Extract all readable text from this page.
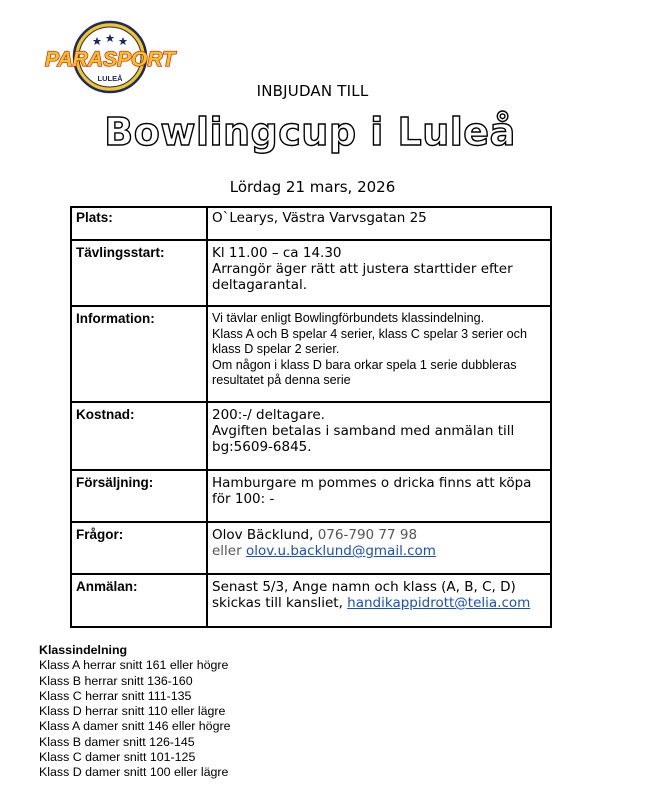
PARASPORT
LULEÅ
INBJUDAN TILL
Bowlingcup i Luleå
Lördag 21 mars, 2026
Plats:	O`Learys, Västra Varvsgatan 25
Tävlingsstart:	Kl 11.00 – ca 14.30
Arrangör äger rätt att justera starttider efter deltagarantal.

Information:	Vi tävlar enligt Bowlingförbundets klassindelning.
Klass A och B spelar 4 serier, klass C spelar 3 serier och klass D spelar 2 serier.
Om någon i klass D bara orkar spela 1 serie dubbleras resultatet på denna serie

Kostnad:	200:-/ deltagare.
Avgiften betalas i samband med anmälan till bg:5609-6845.

Försäljning:	Hamburgare m pommes o dricka finns att köpa för 100: -
Frågor:	Olov Bäcklund, 076-790 77 98
eller olov.u.backlund@gmail.com

Anmälan:	Senast 5/3, Ange namn och klass (A, B, C, D)
skickas till kansliet, handikappidrott@telia.com
Klassindelning
Klass A herrar snitt 161 eller högre
Klass B herrar snitt 136-160
Klass C herrar snitt 111-135
Klass D herrar snitt 110 eller lägre
Klass A damer snitt 146 eller högre
Klass B damer snitt 126-145
Klass C damer snitt 101-125
Klass D damer snitt 100 eller lägre
